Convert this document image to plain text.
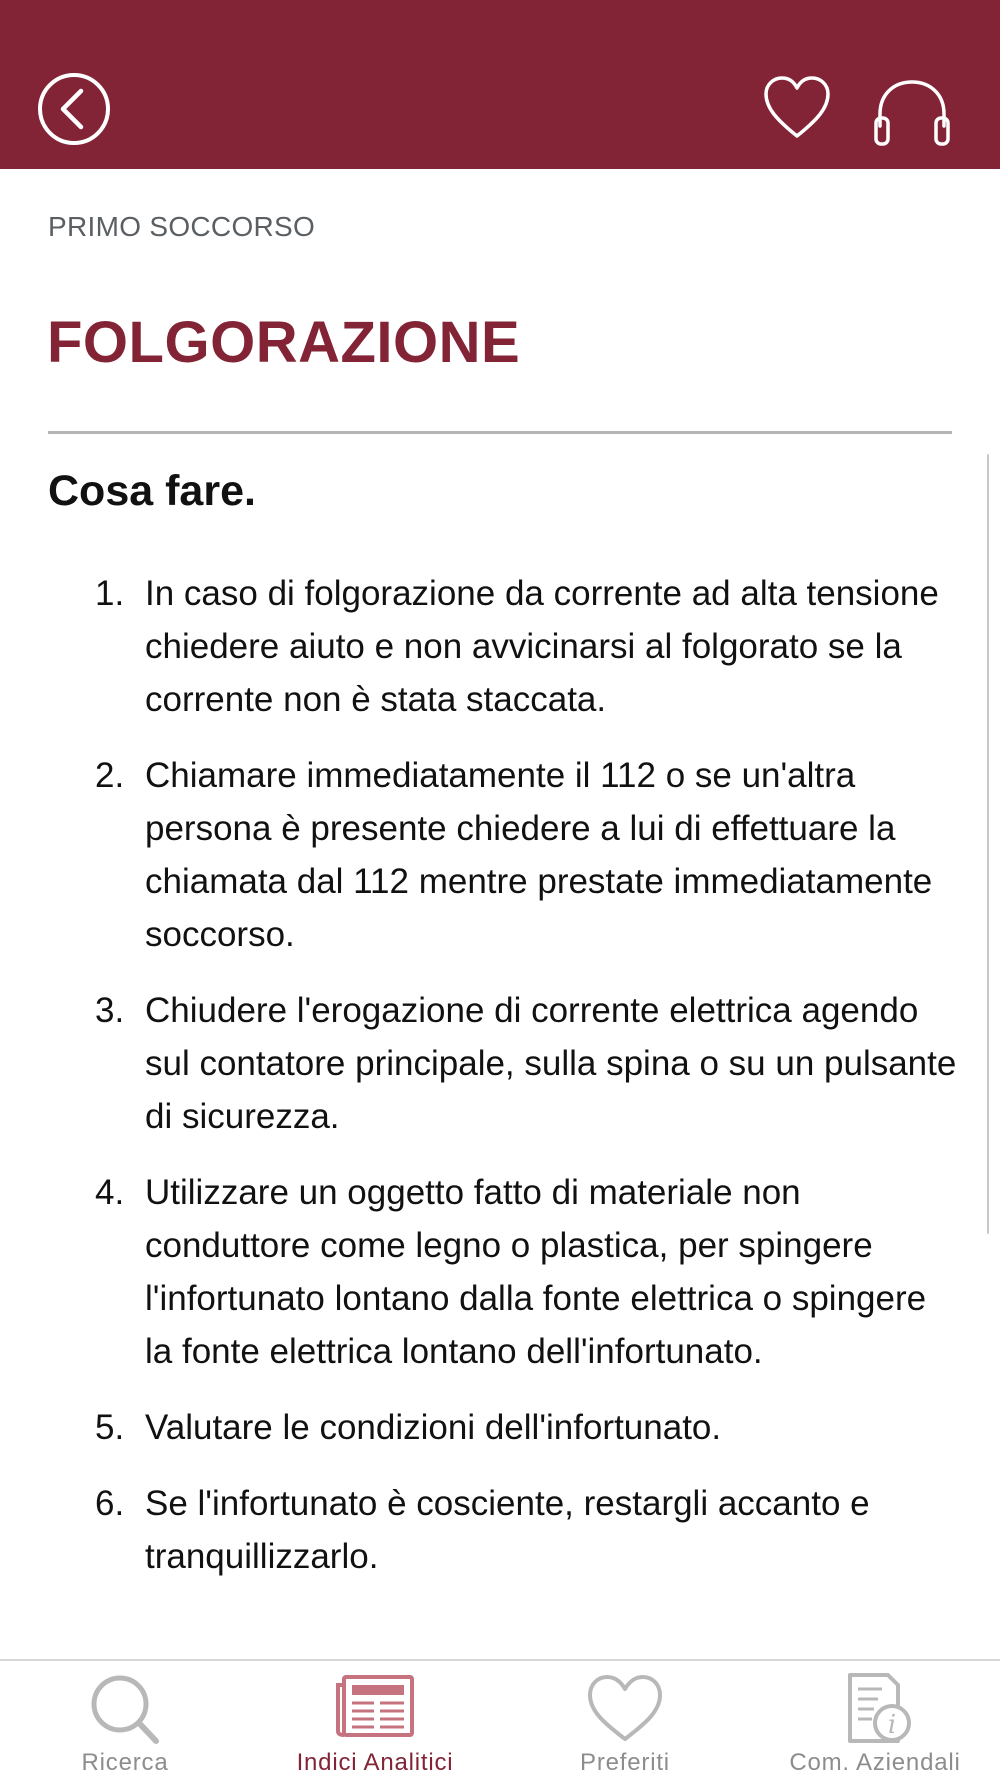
PRIMO SOCCORSO
FOLGORAZIONE
Cosa fare.
1. In caso di folgorazione da corrente ad alta tensione chiedere aiuto e non avvicinarsi al folgorato se la corrente non è stata staccata.
2. Chiamare immediatamente il 112 o se un'altra persona è presente chiedere a lui di effettuare la chiamata dal 112 mentre prestate immediatamente soccorso.
3. Chiudere l'erogazione di corrente elettrica agendo sul contatore principale, sulla spina o su un pulsante di sicurezza.
4. Utilizzare un oggetto fatto di materiale non conduttore come legno o plastica, per spingere l'infortunato lontano dalla fonte elettrica o spingere la fonte elettrica lontano dell'infortunato.
5. Valutare le condizioni dell'infortunato.
6. Se l'infortunato è cosciente, restargli accanto e tranquillizzarlo.
Ricerca	Indici Analitici	Preferiti
i
Com. Aziendali
